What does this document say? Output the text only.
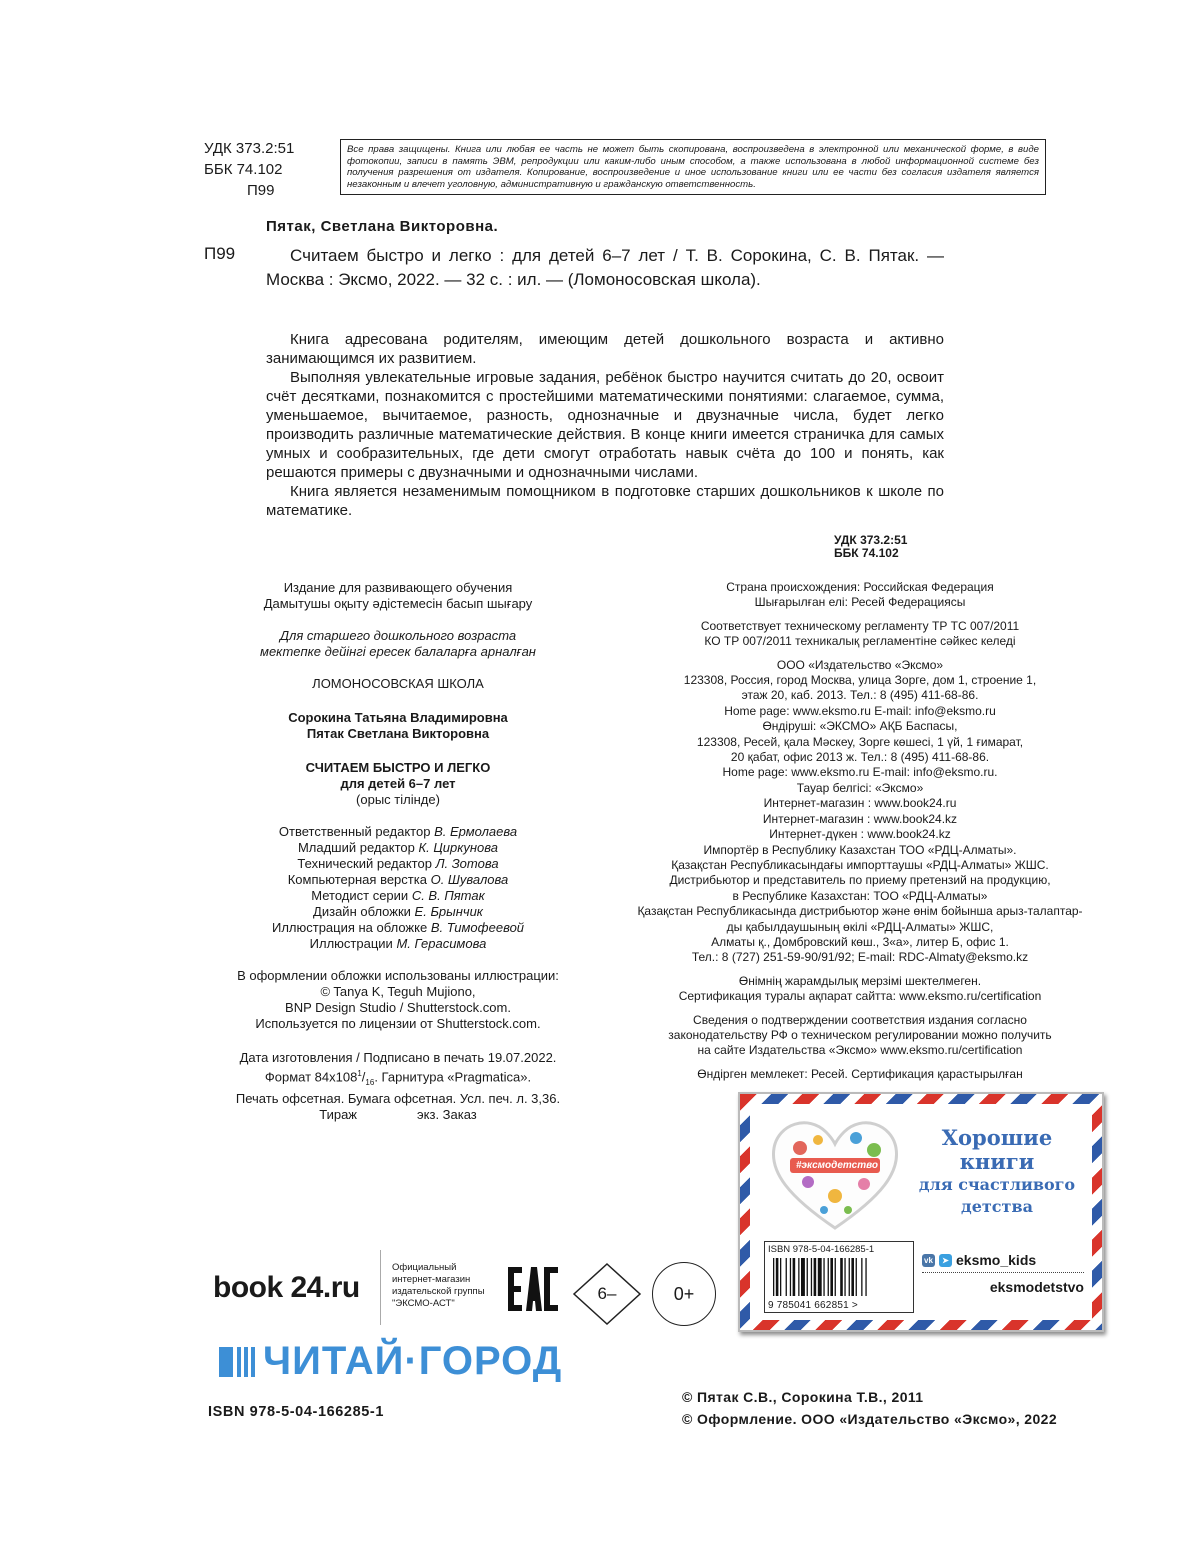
УДК 373.2:51
ББК 74.102
П99
Все права защищены. Книга или любая ее часть не может быть скопирована, воспроизведена в электронной или механической форме, в виде фотокопии, записи в память ЭВМ, репродукции или каким-либо иным способом, а также использована в любой информационной системе без получения разрешения от издателя. Копирование, воспроизведение и иное использование книги или ее части без согласия издателя является незаконным и влечет уголовную, административную и гражданскую ответственность.
Пятак, Светлана Викторовна.
П99	Считаем быстро и легко : для детей 6–7 лет / Т. В. Сорокина, С. В. Пятак. — Москва : Эксмо, 2022. — 32 с. : ил. — (Ломоносовская школа).

Книга адресована родителям, имеющим детей дошкольного возраста и активно занимающимся их развитием.

Выполняя увлекательные игровые задания, ребёнок быстро научится считать до 20, освоит счёт десятками, познакомится с простейшими математическими понятиями: слагаемое, сумма, уменьшаемое, вычитаемое, разность, однозначные и двузначные числа, будет легко производить различные математические действия. В конце книги имеется страничка для самых умных и сообразительных, где дети смогут отработать навык счёта до 100 и понять, как решаются примеры с двузначными и однозначными числами.

Книга является незаменимым помощником в подготовке старших дошкольников к школе по математике.

УДК 373.2:51
ББК 74.102
Издание для развивающего обучения
Дамытушы оқыту әдістемесін басып шығару
Для старшего дошкольного возраста
мектепке дейінгі ересек балаларға арналған
ЛОМОНОСОВСКАЯ ШКОЛА
Сорокина Татьяна Владимировна
Пятак Светлана Викторовна
СЧИТАЕМ БЫСТРО И ЛЕГКО
для детей 6–7 лет
(орыс тілінде)
Ответственный редактор В. Ермолаева
Младший редактор К. Циркунова
Технический редактор Л. Зотова
Компьютерная верстка О. Шувалова
Методист серии С. В. Пятак
Дизайн обложки Е. Брынчик
Иллюстрация на обложке В. Тимофеевой
Иллюстрации М. Герасимова
В оформлении обложки использованы иллюстрации:
© Tanya K, Teguh Mujiono,
BNP Design Studio / Shutterstock.com.
Используется по лицензии от Shutterstock.com.
Дата изготовления / Подписано в печать 19.07.2022.
Формат $84х108^1/_{16}$. Гарнитура «Pragmatica».
Печать офсетная. Бумага офсетная. Усл. печ. л. 3,36.
Тираж	экз. Заказ
Страна происхождения: Российская Федерация
Шығарылған елі: Ресей Федерациясы
Соответствует техническому регламенту ТР ТС 007/2011
КО ТР 007/2011 техникалық регламентіне сәйкес келеді
ООО «Издательство «Эксмо»
123308, Россия, город Москва, улица Зорге, дом 1, строение 1,
этаж 20, каб. 2013. Тел.: 8 (495) 411-68-86.
Home page: www.eksmo.ru E-mail: info@eksmo.ru
Өндіруші: «ЭКСМО» АҚБ Баспасы,
123308, Ресей, қала Мәскеу, Зорге көшесі, 1 үй, 1 ғимарат,
20 қабат, офис 2013 ж. Тел.: 8 (495) 411-68-86.
Home page: www.eksmo.ru E-mail: info@eksmo.ru.
Тауар белгісі: «Эксмо»
Интернет-магазин : www.book24.ru
Интернет-магазин : www.book24.kz
Интернет-дүкен : www.book24.kz
Импортёр в Республику Казахстан ТОО «РДЦ-Алматы».
Қазақстан Республикасындағы импорттаушы «РДЦ-Алматы» ЖШС.
Дистрибьютор и представитель по приему претензий на продукцию,
в Республике Казахстан: ТОО «РДЦ-Алматы»
Қазақстан Республикасында дистрибьютор және өнім бойынша арыз-талаптар-
ды қабылдаушының өкілі «РДЦ-Алматы» ЖШС,
Алматы қ., Домбровский көш., 3«а», литер Б, офис 1.
Тел.: 8 (727) 251-59-90/91/92; E-mail: RDC-Almaty@eksmo.kz
Өнімнің жарамдылық мерзімі шектелмеген.
Сертификация туралы ақпарат сайтта: www.eksmo.ru/certification
Сведения о подтверждении соответствия издания согласно
законодательству РФ о техническом регулировании можно получить
на сайте Издательства «Эксмо» www.eksmo.ru/certification
Өндірген мемлекет: Ресей. Сертификация қарастырылған
#эксмодетство
Хорошие
книги
для счастливого
детства
ISBN 978-5-04-166285-1
9 785041 662851 >
vk	➤ eksmo_kids
eksmodetstvo
book 24.ru
Официальный
интернет-магазин
издательской группы
"ЭКСМО-АСТ"
6–	0+
ЧИТАЙ·ГОРОД
ISBN 978-5-04-166285-1
© Пятак С.В., Сорокина Т.В., 2011
© Оформление. ООО «Издательство «Эксмо», 2022
